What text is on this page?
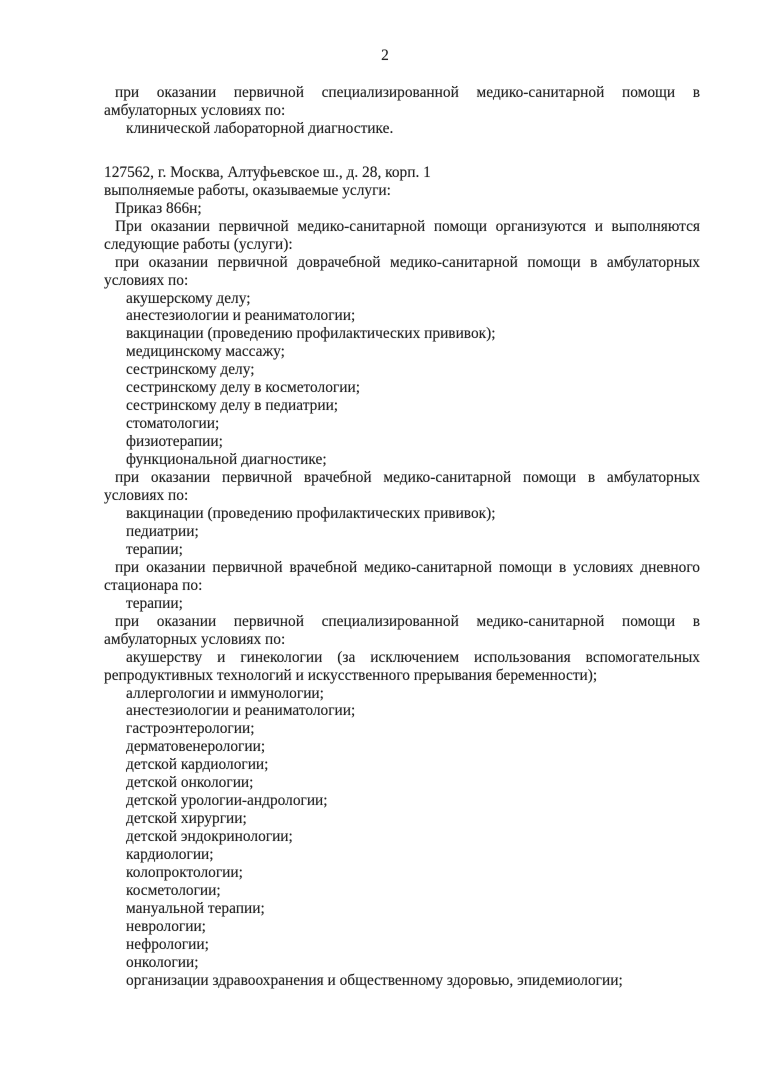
2
при оказании первичной специализированной медико-санитарной помощи в
амбулаторных условиях по:
клинической лабораторной диагностике.
127562, г. Москва, Алтуфьевское ш., д. 28, корп. 1
выполняемые работы, оказываемые услуги:
Приказ 866н;
При оказании первичной медико-санитарной помощи организуются и выполняются
следующие работы (услуги):
при оказании первичной доврачебной медико-санитарной помощи в амбулаторных
условиях по:
акушерскому делу;
анестезиологии и реаниматологии;
вакцинации (проведению профилактических прививок);
медицинскому массажу;
сестринскому делу;
сестринскому делу в косметологии;
сестринскому делу в педиатрии;
стоматологии;
физиотерапии;
функциональной диагностике;
при оказании первичной врачебной медико-санитарной помощи в амбулаторных
условиях по:
вакцинации (проведению профилактических прививок);
педиатрии;
терапии;
при оказании первичной врачебной медико-санитарной помощи в условиях дневного
стационара по:
терапии;
при оказании первичной специализированной медико-санитарной помощи в
амбулаторных условиях по:
акушерству и гинекологии (за исключением использования вспомогательных
репродуктивных технологий и искусственного прерывания беременности);
аллергологии и иммунологии;
анестезиологии и реаниматологии;
гастроэнтерологии;
дерматовенерологии;
детской кардиологии;
детской онкологии;
детской урологии-андрологии;
детской хирургии;
детской эндокринологии;
кардиологии;
колопроктологии;
косметологии;
мануальной терапии;
неврологии;
нефрологии;
онкологии;
организации здравоохранения и общественному здоровью, эпидемиологии;
